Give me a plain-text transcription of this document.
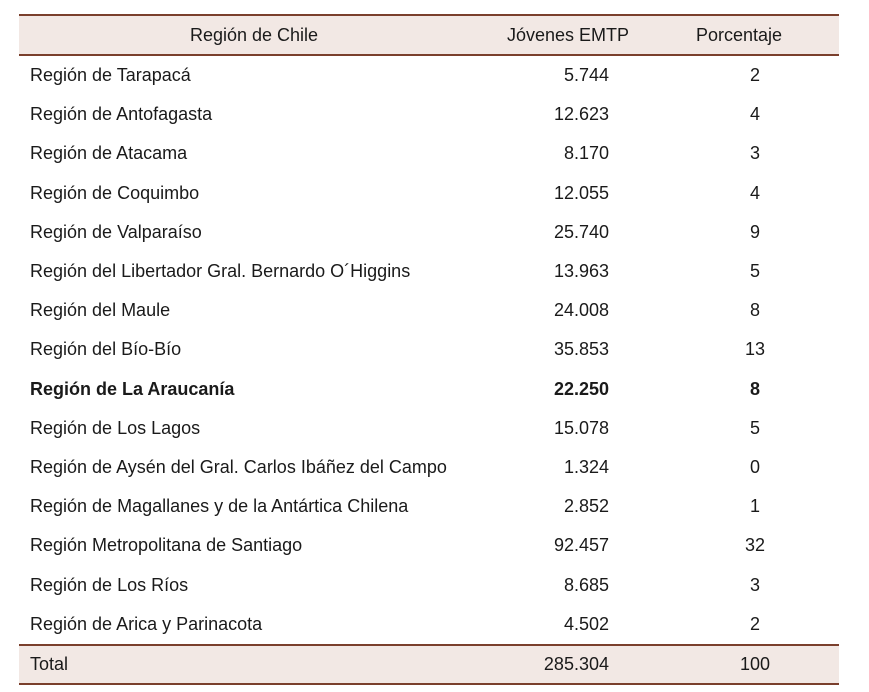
Región de Chile	Jóvenes EMTP	Porcentaje
Región de Tarapacá	5.744	2
Región de Antofagasta	12.623	4
Región de Atacama	8.170	3
Región de Coquimbo	12.055	4
Región de Valparaíso	25.740	9
Región del Libertador Gral. Bernardo O´Higgins	13.963	5
Región del Maule	24.008	8
Región del Bío-Bío	35.853	13
Región de La Araucanía	22.250	8
Región de Los Lagos	15.078	5
Región de Aysén del Gral. Carlos Ibáñez del Campo	1.324	0
Región de Magallanes y de la Antártica Chilena	2.852	1
Región Metropolitana de Santiago	92.457	32
Región de Los Ríos	8.685	3
Región de Arica y Parinacota	4.502	2
Total	285.304	100
